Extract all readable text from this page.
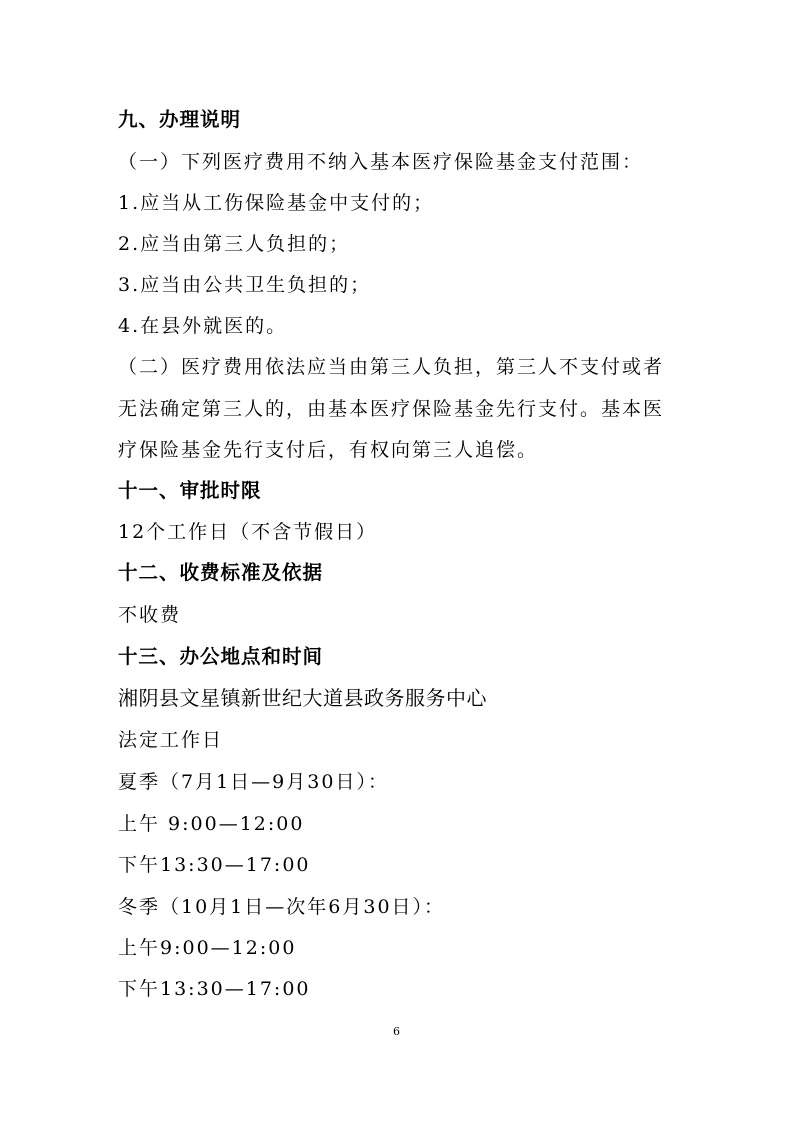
九、办理说明
（一）下列医疗费用不纳入基本医疗保险基金支付范围：
1.应当从工伤保险基金中支付的；
2.应当由第三人负担的；
3.应当由公共卫生负担的；
4.在县外就医的。
（二）医疗费用依法应当由第三人负担，第三人不支付或者
无法确定第三人的，由基本医疗保险基金先行支付。基本医
疗保险基金先行支付后，有权向第三人追偿。
十一、审批时限
12个工作日（不含节假日）
十二、收费标准及依据
不收费
十三、办公地点和时间
湘阴县文星镇新世纪大道县政务服务中心
法定工作日
夏季（7月1日—9月30日）：
上午 9:00—12:00
下午13:30—17:00
冬季（10月1日—次年6月30日）：
上午9:00—12:00
下午13:30—17:00
6
